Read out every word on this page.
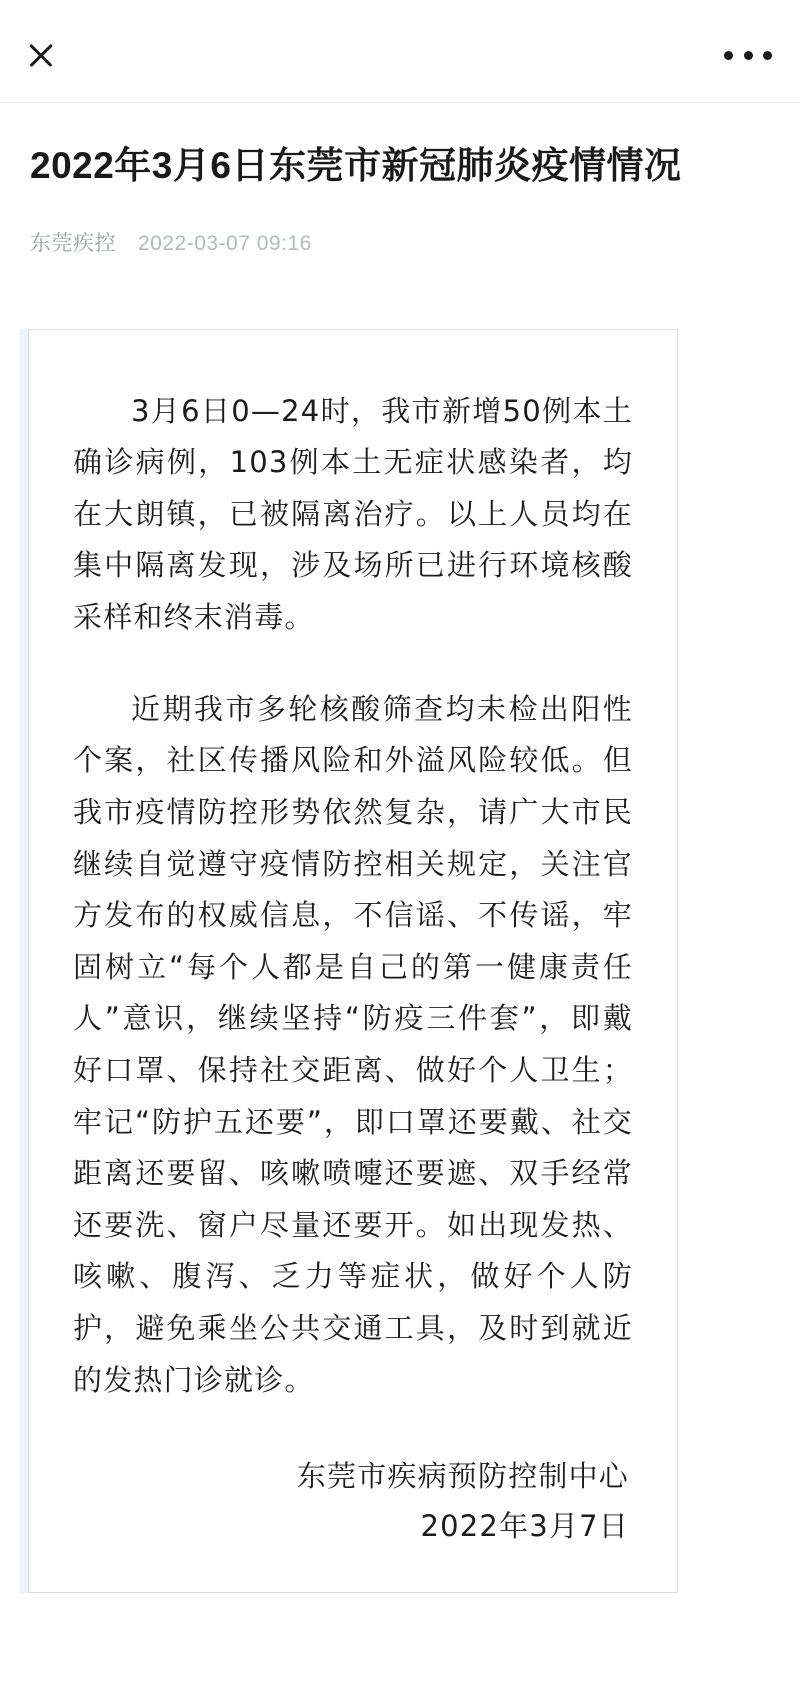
2022年3月6日东莞市新冠肺炎疫情情况
东莞疾控 2022-03-07 09:16

3月6日0—24时，我市新增50例本土确诊病例，103例本土无症状感染者，均在大朗镇，已被隔离治疗。以上人员均在集中隔离发现，涉及场所已进行环境核酸采样和终末消毒。

近期我市多轮核酸筛查均未检出阳性个案，社区传播风险和外溢风险较低。但我市疫情防控形势依然复杂，请广大市民继续自觉遵守疫情防控相关规定，关注官方发布的权威信息，不信谣、不传谣，牢固树立“每个人都是自己的第一健康责任人”意识，继续坚持“防疫三件套”，即戴好口罩、保持社交距离、做好个人卫生；牢记“防护五还要”，即口罩还要戴、社交距离还要留、咳嗽喷嚏还要遮、双手经常还要洗、窗户尽量还要开。如出现发热、咳嗽、腹泻、乏力等症状，做好个人防护，避免乘坐公共交通工具，及时到就近的发热门诊就诊。

东莞市疾病预防控制中心
2022年3月7日
